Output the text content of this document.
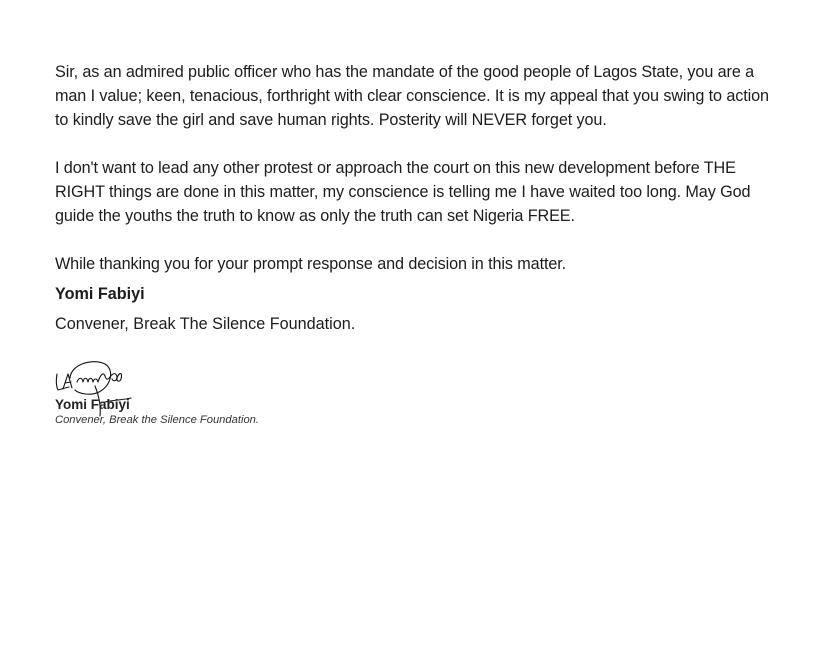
Sir, as an admired public officer who has the mandate of the good people of Lagos State, you are a man I value; keen, tenacious, forthright with clear conscience. It is my appeal that you swing to action to kindly save the girl and save human rights. Posterity will NEVER forget you.

I don't want to lead any other protest or approach the court on this new development before THE RIGHT things are done in this matter, my conscience is telling me I have waited too long. May God guide the youths the truth to know as only the truth can set Nigeria FREE.

While thanking you for your prompt response and decision in this matter.

Yomi Fabiyi
Convener, Break The Silence Foundation.
Yomi Fabiyi
Convener, Break the Silence Foundation.
